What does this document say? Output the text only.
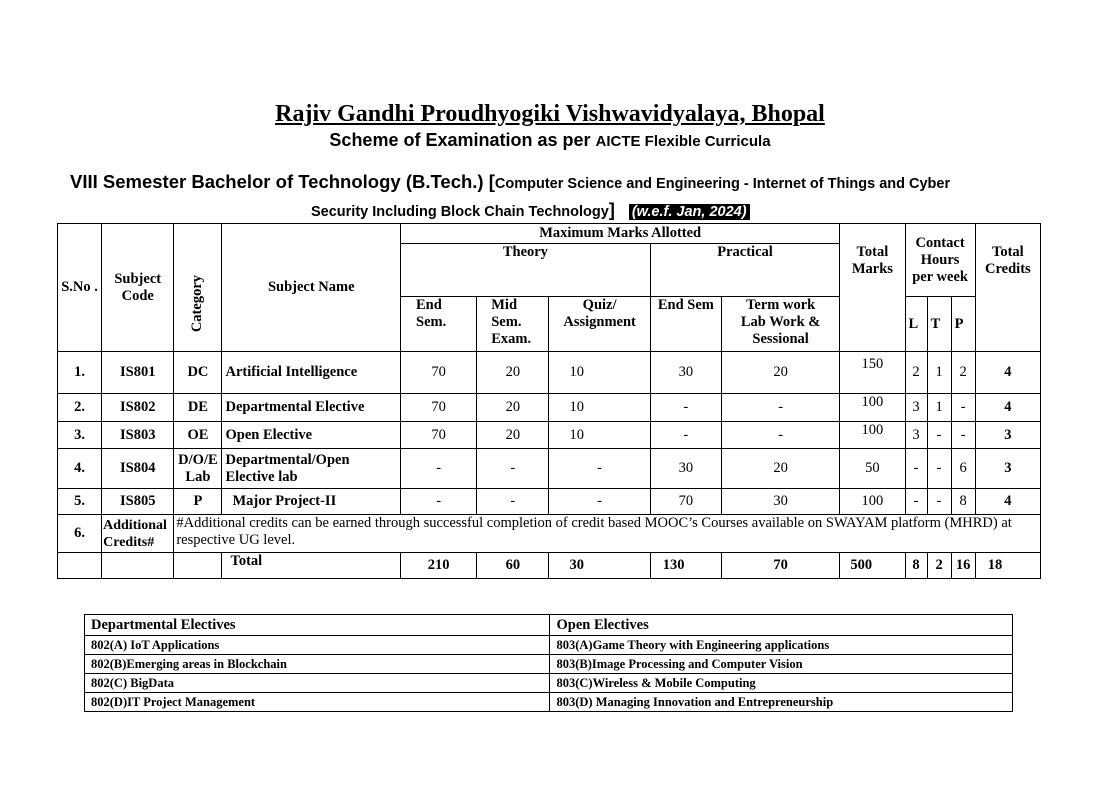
Rajiv Gandhi Proudhyogiki Vishwavidyalaya, Bhopal
Scheme of Examination as per AICTE Flexible Curricula
VIII Semester Bachelor of Technology (B.Tech.) [Computer Science and Engineering - Internet of Things and Cyber
Security Including Block Chain Technology] (w.e.f. Jan, 2024)
S.No .	Subject Code	Category	Subject Name	Maximum Marks Allotted					Total Marks	Contact Hours per week			Total Credits
				Theory			Practical						
				End Sem.	Mid Sem. Exam.	Quiz/ Assignment	End Sem	Term work
Lab Work & Sessional		L	T	P	
1.	IS801	DC	Artificial Intelligence	70	20	10	30	20	150	2	1	2	4
2.	IS802	DE	Departmental Elective	70	20	10	-	-	100	3	1	-	4
3.	IS803	OE	Open Elective	70	20	10	-	-	100	3	-	-	3
4.	IS804	D/O/E Lab	Departmental/Open Elective lab	-	-	-	30	20	50	-	-	6	3
5.	IS805	P	Major Project-II	-	-	-	70	30	100	-	-	8	4
6.	Additional Credits#	#Additional credits can be earned through successful completion of credit based MOOC’s Courses available on SWAYAM platform (MHRD) at respective UG level.											
			Total	210	60	30	130	70	500	8	2	16	18
Departmental Electives	Open Electives
802(A) IoT Applications	803(A)Game Theory with Engineering applications
802(B)Emerging areas in Blockchain	803(B)Image Processing and Computer Vision
802(C) BigData	803(C)Wireless & Mobile Computing
802(D)IT Project Management	803(D) Managing Innovation and Entrepreneurship
